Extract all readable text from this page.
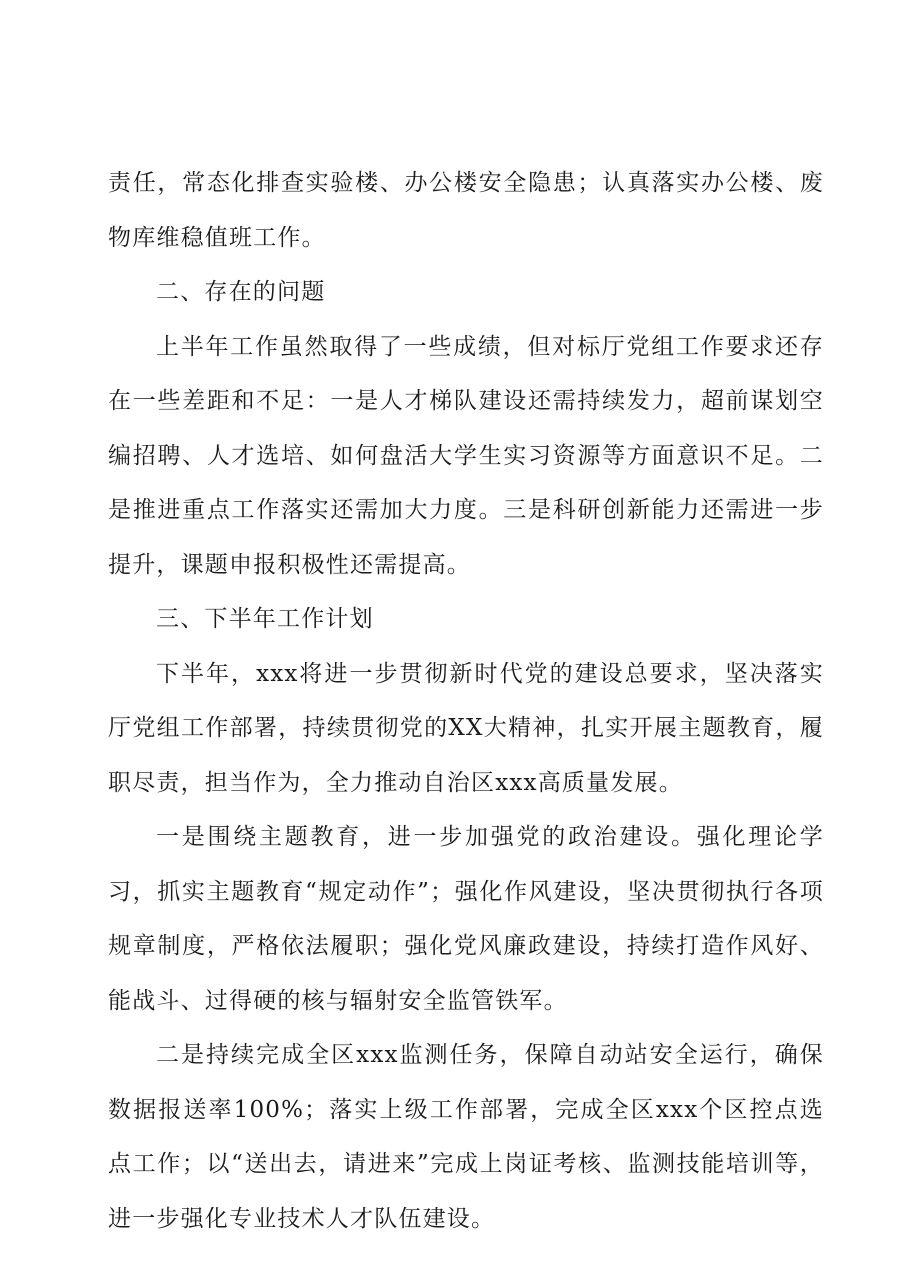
责任，常态化排查实验楼、办公楼安全隐患；认真落实办公楼、废物库维稳值班工作。

二、存在的问题

上半年工作虽然取得了一些成绩，但对标厅党组工作要求还存在一些差距和不足：一是人才梯队建设还需持续发力，超前谋划空编招聘、人才选培、如何盘活大学生实习资源等方面意识不足。二是推进重点工作落实还需加大力度。三是科研创新能力还需进一步提升，课题申报积极性还需提高。

三、下半年工作计划

下半年，xxx将进一步贯彻新时代党的建设总要求，坚决落实厅党组工作部署，持续贯彻党的XX大精神，扎实开展主题教育，履职尽责，担当作为，全力推动自治区xxx高质量发展。

一是围绕主题教育，进一步加强党的政治建设。强化理论学习，抓实主题教育“规定动作”；强化作风建设，坚决贯彻执行各项规章制度，严格依法履职；强化党风廉政建设，持续打造作风好、能战斗、过得硬的核与辐射安全监管铁军。

二是持续完成全区xxx监测任务，保障自动站安全运行，确保数据报送率100%；落实上级工作部署，完成全区xxx个区控点选点工作；以“送出去，请进来”完成上岗证考核、监测技能培训等，进一步强化专业技术人才队伍建设。
